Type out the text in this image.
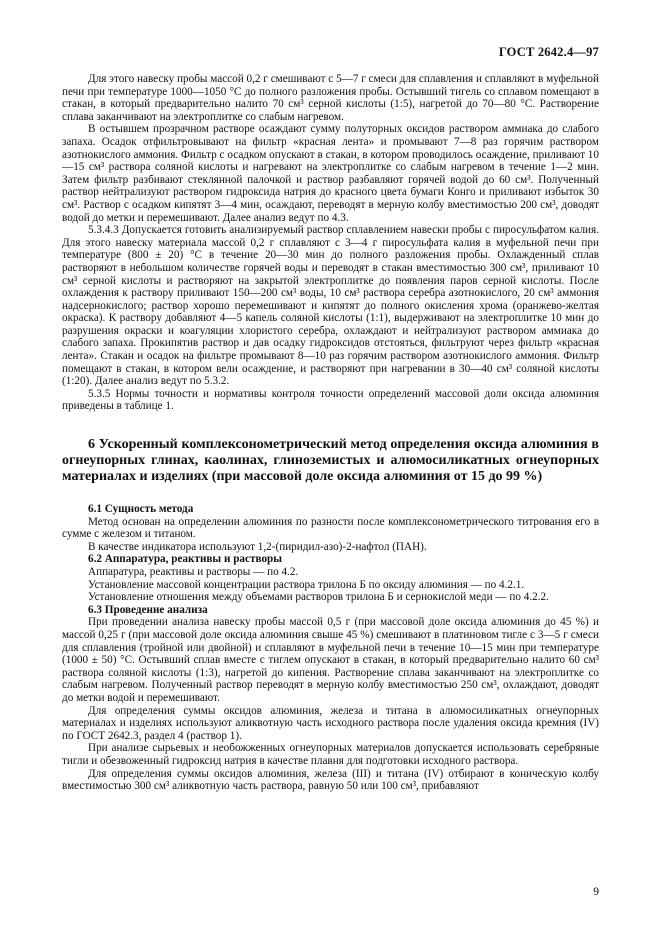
ГОСТ 2642.4—97

Для этого навеску пробы массой 0,2 г смешивают с 5—7 г смеси для сплавления и сплавляют в муфельной печи при температуре 1000—1050 °С до полного разложения пробы. Остывший тигель со сплавом помещают в стакан, в который предварительно налито 70 см³ серной кислоты (1:5), нагретой до 70—80 °С. Растворение сплава заканчивают на электроплитке со слабым нагревом.

В остывшем прозрачном растворе осаждают сумму полуторных оксидов раствором аммиака до слабого запаха. Осадок отфильтровывают на фильтр «красная лента» и промывают 7—8 раз горячим раствором азотнокислого аммония. Фильтр с осадком опускают в стакан, в котором проводилось осаждение, приливают 10—15 см³ раствора соляной кислоты и нагревают на электроплитке со слабым нагревом в течение 1—2 мин. Затем фильтр разбивают стеклянной палочкой и раствор разбавляют горячей водой до 60 см³. Полученный раствор нейтрализуют раствором гидроксида натрия до красного цвета бумаги Конго и приливают избыток 30 см³. Раствор с осадком кипятят 3—4 мин, осаждают, переводят в мерную колбу вместимостью 200 см³, доводят водой до метки и перемешивают. Далее анализ ведут по 4.3.

5.3.4.3 Допускается готовить анализируемый раствор сплавлением навески пробы с пиросульфатом калия. Для этого навеску материала массой 0,2 г сплавляют с 3—4 г пиросульфата калия в муфельной печи при температуре (800 ± 20) °С в течение 20—30 мин до полного разложения пробы. Охлажденный сплав растворяют в небольшом количестве горячей воды и переводят в стакан вместимостью 300 см³, приливают 10 см³ серной кислоты и растворяют на закрытой электроплитке до появления паров серной кислоты. После охлаждения к раствору приливают 150—200 см³ воды, 10 см³ раствора серебра азотнокислого, 20 см³ аммония надсернокислого; раствор хорошо перемешивают и кипятят до полного окисления хрома (оранжево-желтая окраска). К раствору добавляют 4—5 капель соляной кислоты (1:1), выдерживают на электроплитке 10 мин до разрушения окраски и коагуляции хлористого серебра, охлаждают и нейтрализуют раствором аммиака до слабого запаха. Прокипятив раствор и дав осадку гидроксидов отстояться, фильтруют через фильтр «красная лента». Стакан и осадок на фильтре промывают 8—10 раз горячим раствором азотнокислого аммония. Фильтр помещают в стакан, в котором вели осаждение, и растворяют при нагревании в 30—40 см³ соляной кислоты (1:20). Далее анализ ведут по 5.3.2.

5.3.5 Нормы точности и нормативы контроля точности определений массовой доли оксида алюминия приведены в таблице 1.

6 Ускоренный комплексонометрический метод определения оксида алюминия в огнеупорных глинах, каолинах, глиноземистых и алюмосиликатных огнеупорных материалах и изделиях (при массовой доле оксида алюминия от 15 до 99 %)

6.1 Сущность метода

Метод основан на определении алюминия по разности после комплексонометрического титрования его в сумме с железом и титаном.

В качестве индикатора используют 1,2-(пиридил-азо)-2-нафтол (ПАН).

6.2 Аппаратура, реактивы и растворы

Аппаратура, реактивы и растворы — по 4.2.

Установление массовой концентрации раствора трилона Б по оксиду алюминия — по 4.2.1.

Установление отношения между объемами растворов трилона Б и сернокислой меди — по 4.2.2.

6.3 Проведение анализа

При проведении анализа навеску пробы массой 0,5 г (при массовой доле оксида алюминия до 45 %) и массой 0,25 г (при массовой доле оксида алюминия свыше 45 %) смешивают в платиновом тигле с 3—5 г смеси для сплавления (тройной или двойной) и сплавляют в муфельной печи в течение 10—15 мин при температуре (1000 ± 50) °С. Остывший сплав вместе с тиглем опускают в стакан, в который предварительно налито 60 см³ раствора соляной кислоты (1:3), нагретой до кипения. Растворение сплава заканчивают на электроплитке со слабым нагревом. Полученный раствор переводят в мерную колбу вместимостью 250 см³, охлаждают, доводят до метки водой и перемешивают.

Для определения суммы оксидов алюминия, железа и титана в алюмосиликатных огнеупорных материалах и изделиях используют аликвотную часть исходного раствора после удаления оксида кремния (IV) по ГОСТ 2642.3, раздел 4 (раствор 1).

При анализе сырьевых и необожженных огнеупорных материалов допускается использовать серебряные тигли и обезвоженный гидроксид натрия в качестве плавня для подготовки исходного раствора.

Для определения суммы оксидов алюминия, железа (III) и титана (IV) отбирают в коническую колбу вместимостью 300 см³ аликвотную часть раствора, равную 50 или 100 см³, прибавляют

9
